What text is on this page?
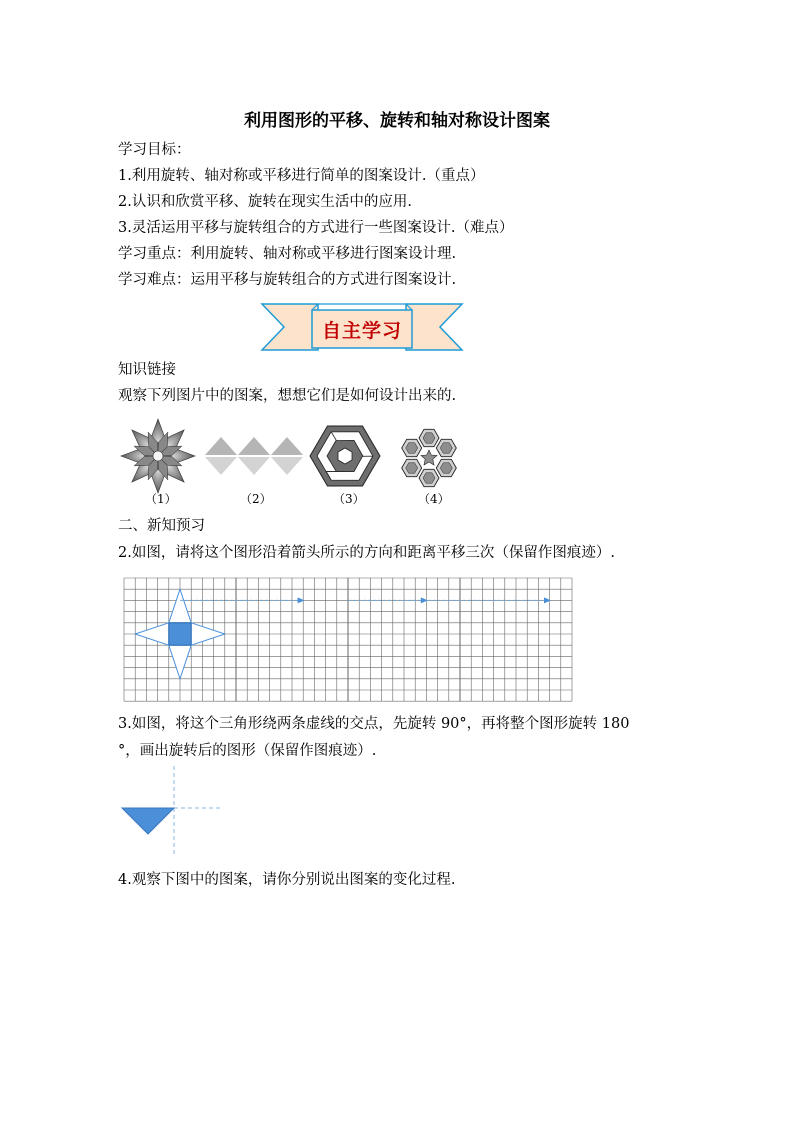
利用图形的平移、旋转和轴对称设计图案
学习目标：
1.利用旋转、轴对称或平移进行简单的图案设计.（重点）
2.认识和欣赏平移、旋转在现实生活中的应用.
3.灵活运用平移与旋转组合的方式进行一些图案设计.（难点）
学习重点：利用旋转、轴对称或平移进行图案设计理.
学习难点：运用平移与旋转组合的方式进行图案设计.
自主学习
知识链接
观察下列图片中的图案，想想它们是如何设计出来的.
（1）	（2）	（3）	（4）
二、新知预习
2.如图，请将这个图形沿着箭头所示的方向和距离平移三次（保留作图痕迹）.
3.如图，将这个三角形绕两条虚线的交点，先旋转 90°，再将整个图形旋转 180
°，画出旋转后的图形（保留作图痕迹）.
4.观察下图中的图案，请你分别说出图案的变化过程.
